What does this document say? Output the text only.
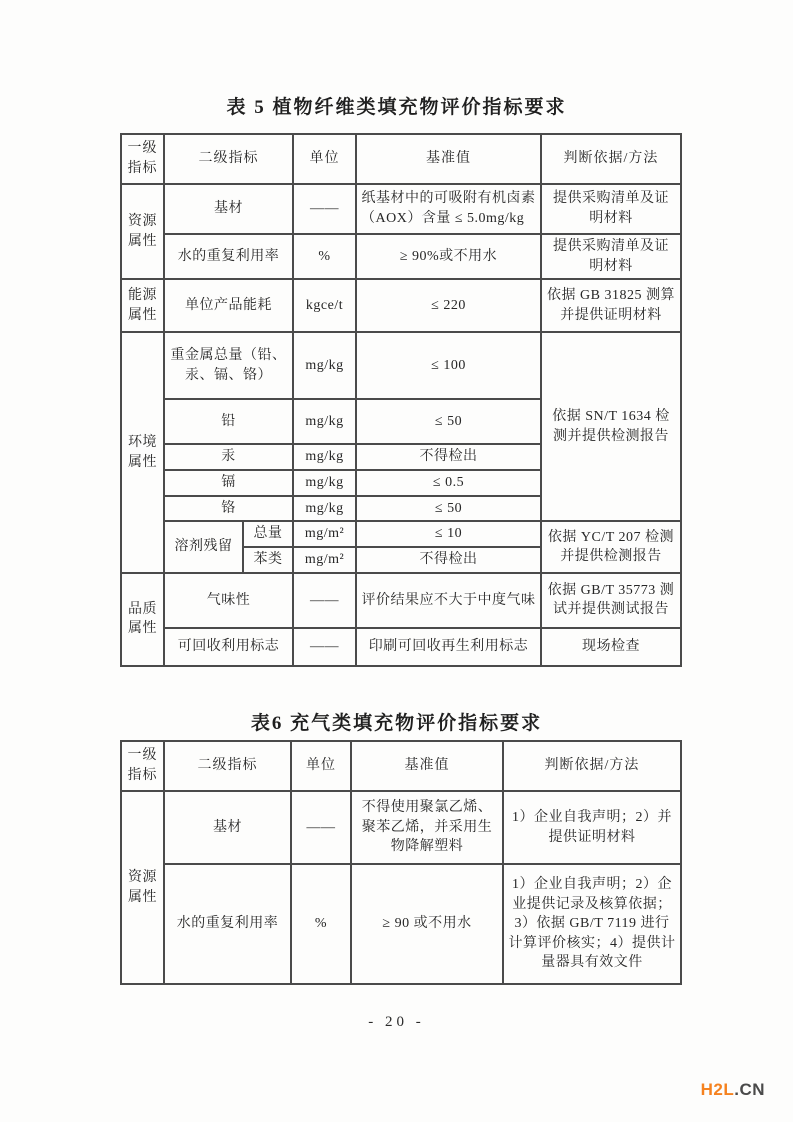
表 5 植物纤维类填充物评价指标要求
一级指标	二级指标		单位	基准值	判断依据/方法
资源属性	基材		——	纸基材中的可吸附有机卤素（AOX）含量 ≤ 5.0mg/kg	提供采购清单及证明材料
	水的重复利用率		%	≥ 90%或不用水	提供采购清单及证明材料
能源属性	单位产品能耗		kgce/t	≤ 220	依据 GB 31825 测算并提供证明材料
环境属性	重金属总量（铅、汞、镉、铬）		mg/kg	≤ 100	依据 SN/T 1634 检测并提供检测报告
	铅		mg/kg	≤ 50	
	汞		mg/kg	不得检出	
	镉		mg/kg	≤ 0.5	
	铬		mg/kg	≤ 50	
	溶剂残留	总量	mg/m²	≤ 10	依据 YC/T 207 检测并提供检测报告
		苯类	mg/m²	不得检出	
品质属性	气味性		——	评价结果应不大于中度气味	依据 GB/T 35773 测试并提供测试报告
	可回收利用标志		——	印刷可回收再生利用标志	现场检查
表6 充气类填充物评价指标要求
一级指标	二级指标	单位	基准值	判断依据/方法
资源属性	基材	——	不得使用聚氯乙烯、聚苯乙烯，并采用生物降解塑料	1）企业自我声明；2）并提供证明材料
	水的重复利用率	%	≥ 90 或不用水	1）企业自我声明；2）企业提供记录及核算依据；3）依据 GB/T 7119 进行计算评价核实；4）提供计量器具有效文件
- 20 -
H2L.CN
